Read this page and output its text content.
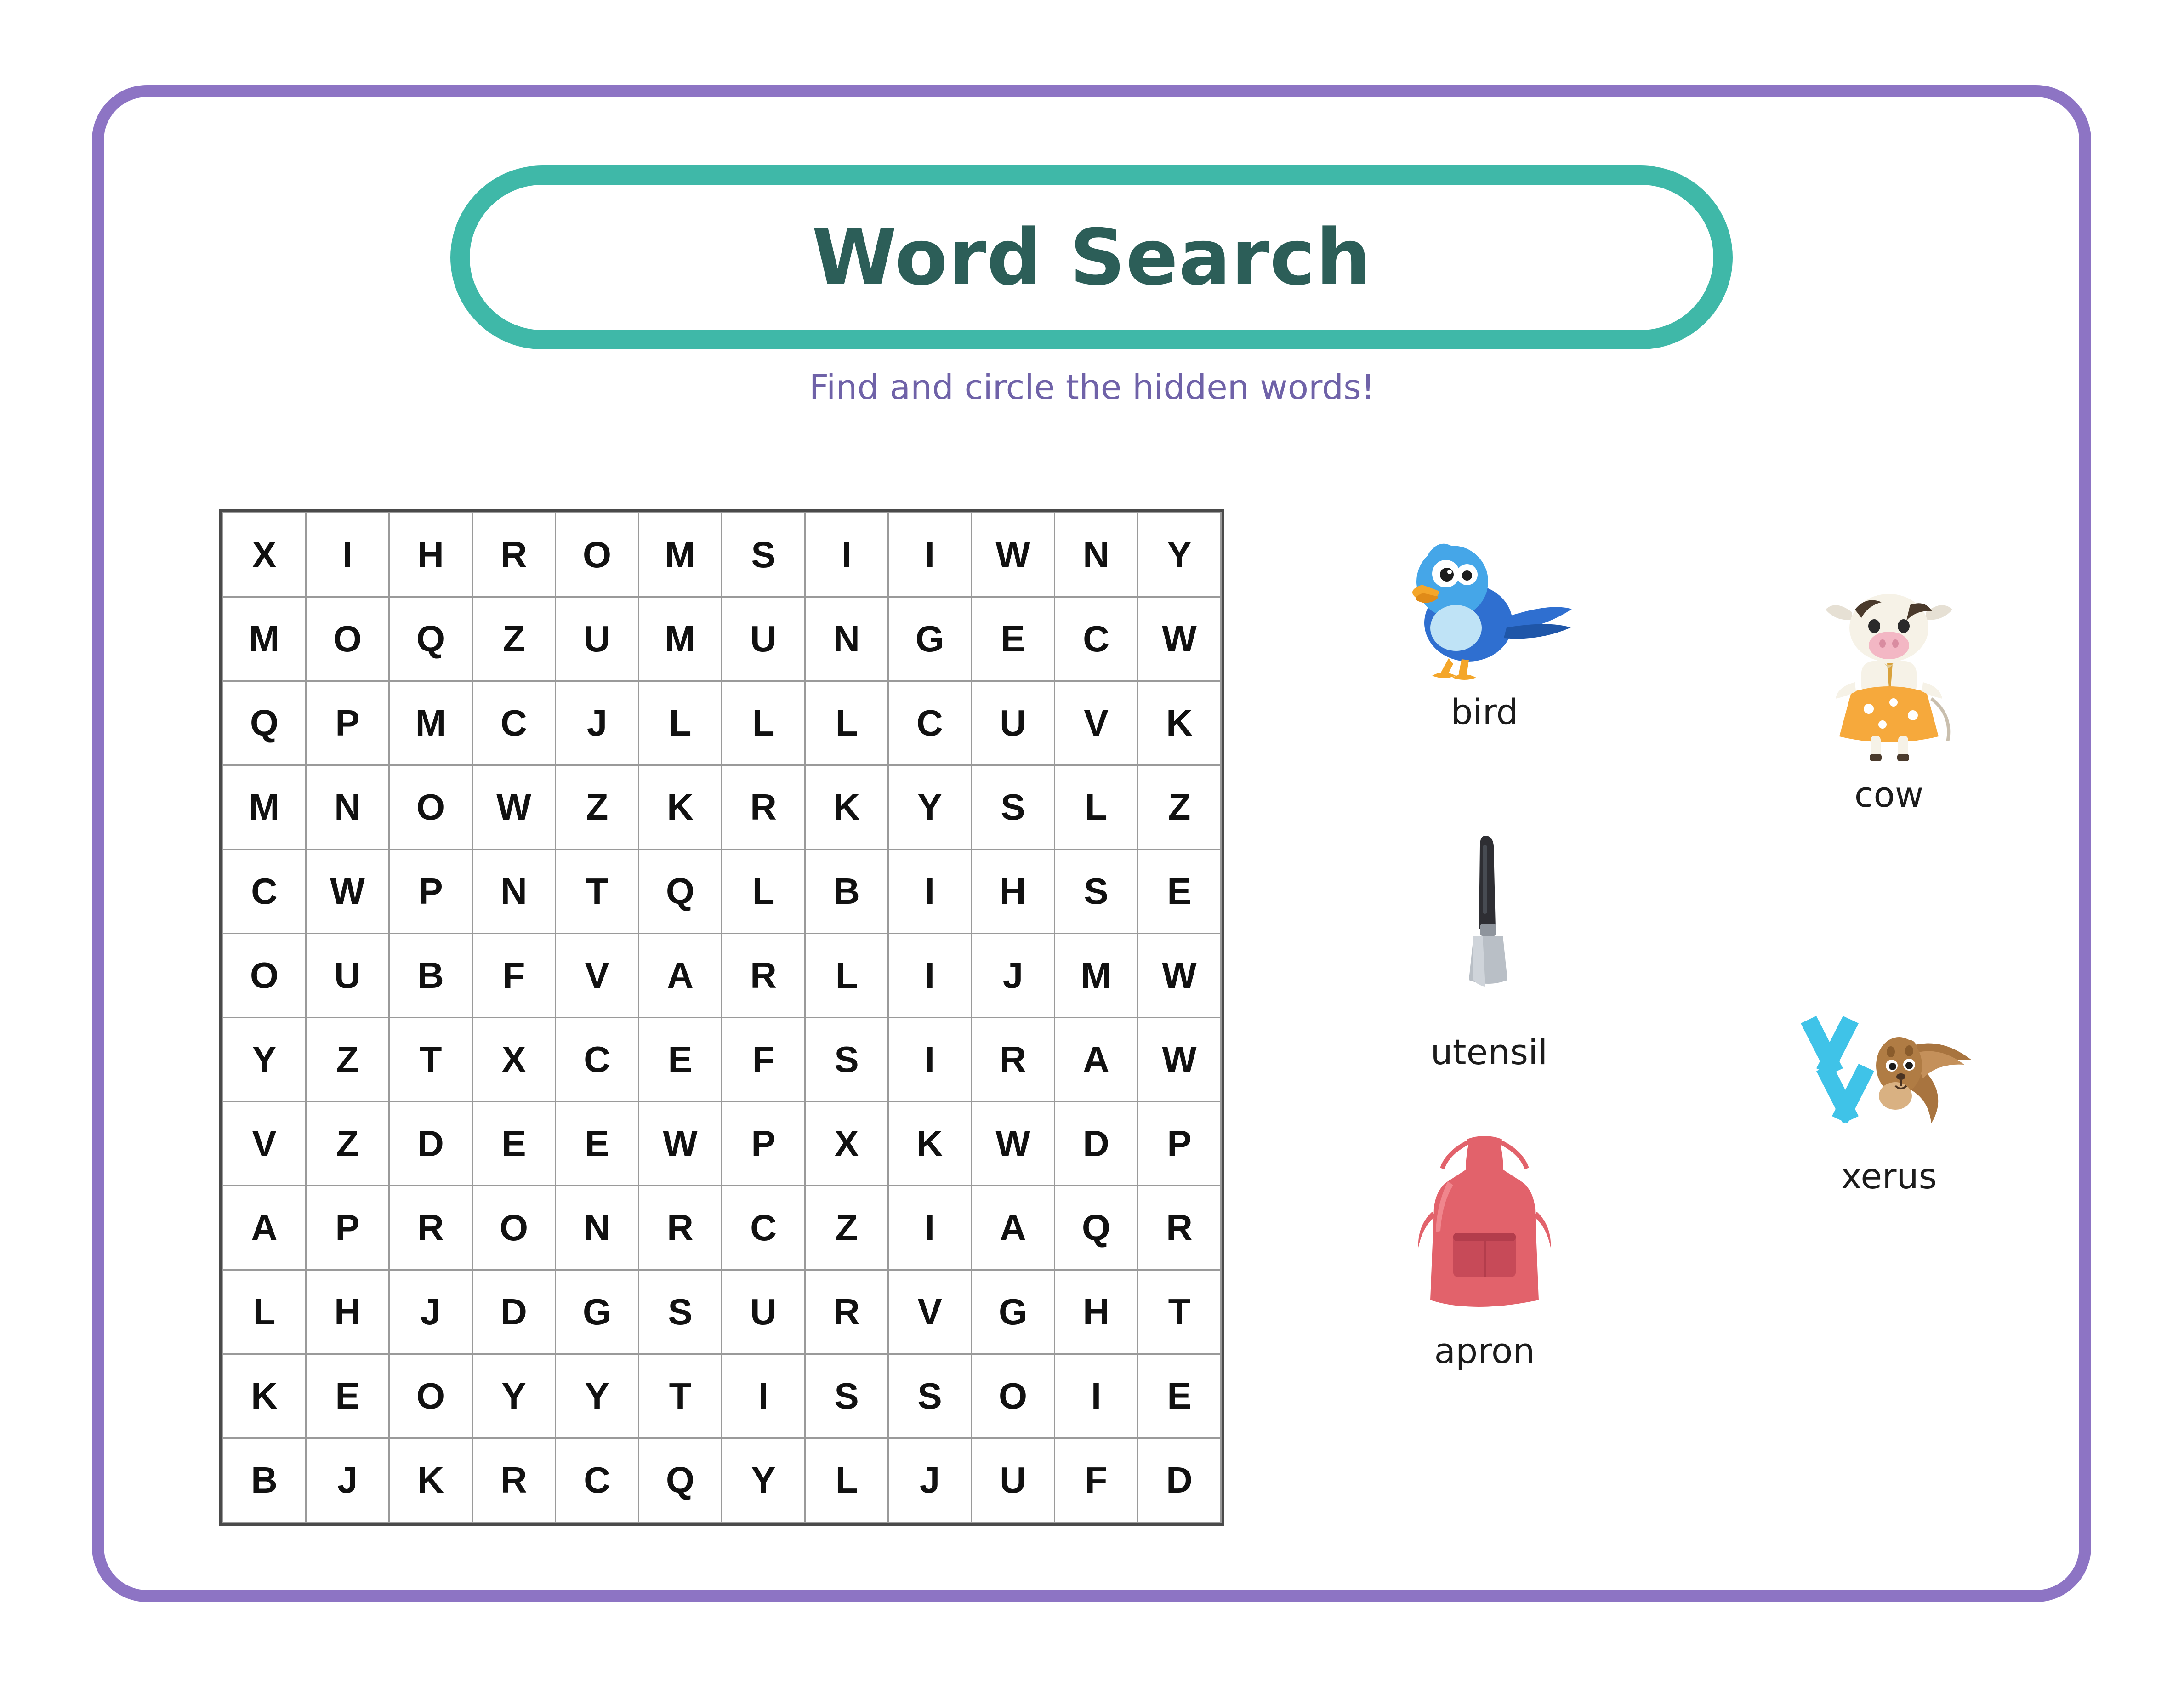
Word Search
Find and circle the hidden words!
X	I	H	R	O	M	S	I	I	W	N	Y
M	O	Q	Z	U	M	U	N	G	E	C	W
Q	P	M	C	J	L	L	L	C	U	V	K
M	N	O	W	Z	K	R	K	Y	S	L	Z
C	W	P	N	T	Q	L	B	I	H	S	E
O	U	B	F	V	A	R	L	I	J	M	W
Y	Z	T	X	C	E	F	S	I	R	A	W
V	Z	D	E	E	W	P	X	K	W	D	P
A	P	R	O	N	R	C	Z	I	A	Q	R
L	H	J	D	G	S	U	R	V	G	H	T
K	E	O	Y	Y	T	I	S	S	O	I	E
B	J	K	R	C	Q	Y	L	J	U	F	D
bird
cow
utensil
apron
xerus
